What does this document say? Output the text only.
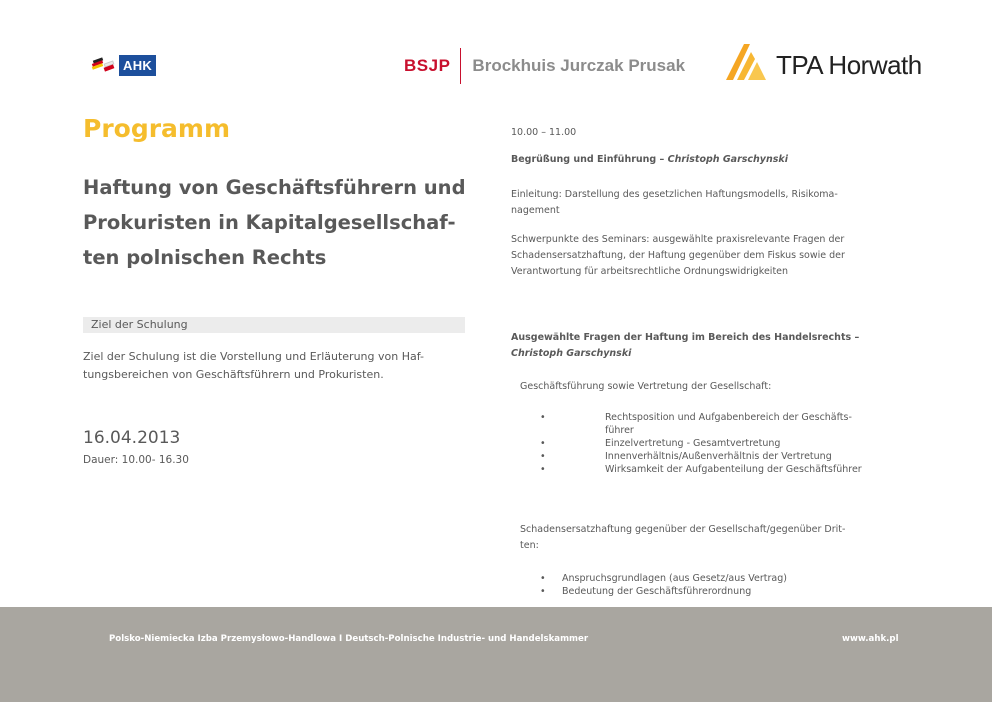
AHK	BSJP Brockhuis Jurczak Prusak	TPA Horwath
Programm
Haftung von Geschäftsführern und
Prokuristen in Kapitalgesellschaf-
ten polnischen Rechts
Ziel der Schulung
Ziel der Schulung ist die Vorstellung und Erläuterung von Haf-
tungsbereichen von Geschäftsführern und Prokuristen.
16.04.2013
Dauer: 10.00- 16.30
10.00 – 11.00
Begrüßung und Einführung – Christoph Garschynski
Einleitung: Darstellung des gesetzlichen Haftungsmodells, Risikoma-
nagement
Schwerpunkte des Seminars: ausgewählte praxisrelevante Fragen der
Schadensersatzhaftung, der Haftung gegenüber dem Fiskus sowie der
Verantwortung für arbeitsrechtliche Ordnungswidrigkeiten
Ausgewählte Fragen der Haftung im Bereich des Handelsrechts –
Christoph Garschynski
Geschäftsführung sowie Vertretung der Gesellschaft:
•	Rechtsposition und Aufgabenbereich der Geschäfts-
führer
•	Einzelvertretung - Gesamtvertretung
•	Innenverhältnis/Außenverhältnis der Vertretung
•	Wirksamkeit der Aufgabenteilung der Geschäftsführer
Schadensersatzhaftung gegenüber der Gesellschaft/gegenüber Drit-
ten:
•	Anspruchsgrundlagen (aus Gesetz/aus Vertrag)
•	Bedeutung der Geschäftsführerordnung
Polsko-Niemiecka Izba Przemysłowo-Handlowa I Deutsch-Polnische Industrie- und Handelskammer	www.ahk.pl
